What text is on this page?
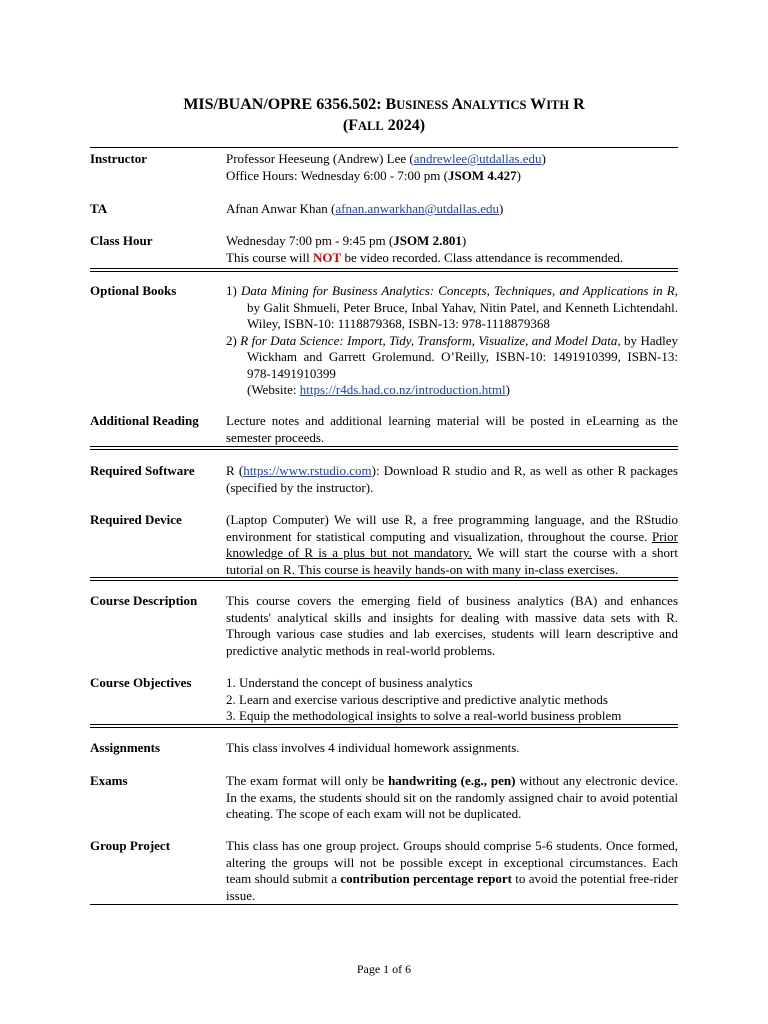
MIS/BUAN/OPRE 6356.502: BUSINESS ANALYTICS WITH R
(FALL 2024)
Instructor	Professor Heeseung (Andrew) Lee (andrewlee@utdallas.edu)

Office Hours: Wednesday 6:00 - 7:00 pm (JSOM 4.427)

TA	Afnan Anwar Khan (afnan.anwarkhan@utdallas.edu)

Class Hour	Wednesday 7:00 pm - 9:45 pm (JSOM 2.801)

This course will NOT be video recorded. Class attendance is recommended.

Optional Books	1) Data Mining for Business Analytics: Concepts, Techniques, and Applications in R, by Galit Shmueli, Peter Bruce, Inbal Yahav, Nitin Patel, and Kenneth Lichtendahl. Wiley, ISBN-10: 1118879368, ISBN-13: 978-1118879368

2) R for Data Science: Import, Tidy, Transform, Visualize, and Model Data, by Hadley Wickham and Garrett Grolemund. O’Reilly, ISBN-10: 1491910399, ISBN-13: 978-1491910399

(Website: https://r4ds.had.co.nz/introduction.html)

Additional Reading	Lecture notes and additional learning material will be posted in eLearning as the semester proceeds.
Required Software	R (https://www.rstudio.com): Download R studio and R, as well as other R packages (specified by the instructor).
Required Device	(Laptop Computer) We will use R, a free programming language, and the RStudio environment for statistical computing and visualization, throughout the course. Prior knowledge of R is a plus but not mandatory. We will start the course with a short tutorial on R. This course is heavily hands-on with many in-class exercises.
Course Description	This course covers the emerging field of business analytics (BA) and enhances students' analytical skills and insights for dealing with massive data sets with R. Through various case studies and lab exercises, students will learn descriptive and predictive analytic methods in real-world problems.
Course Objectives	1. Understand the concept of business analytics

2. Learn and exercise various descriptive and predictive analytic methods

3. Equip the methodological insights to solve a real-world business problem

Assignments	This class involves 4 individual homework assignments.
Exams	The exam format will only be handwriting (e.g., pen) without any electronic device. In the exams, the students should sit on the randomly assigned chair to avoid potential cheating. The scope of each exam will not be duplicated.
Group Project	This class has one group project. Groups should comprise 5-6 students. Once formed, altering the groups will not be possible except in exceptional circumstances. Each team should submit a contribution percentage report to avoid the potential free-rider issue.
Page 1 of 6
